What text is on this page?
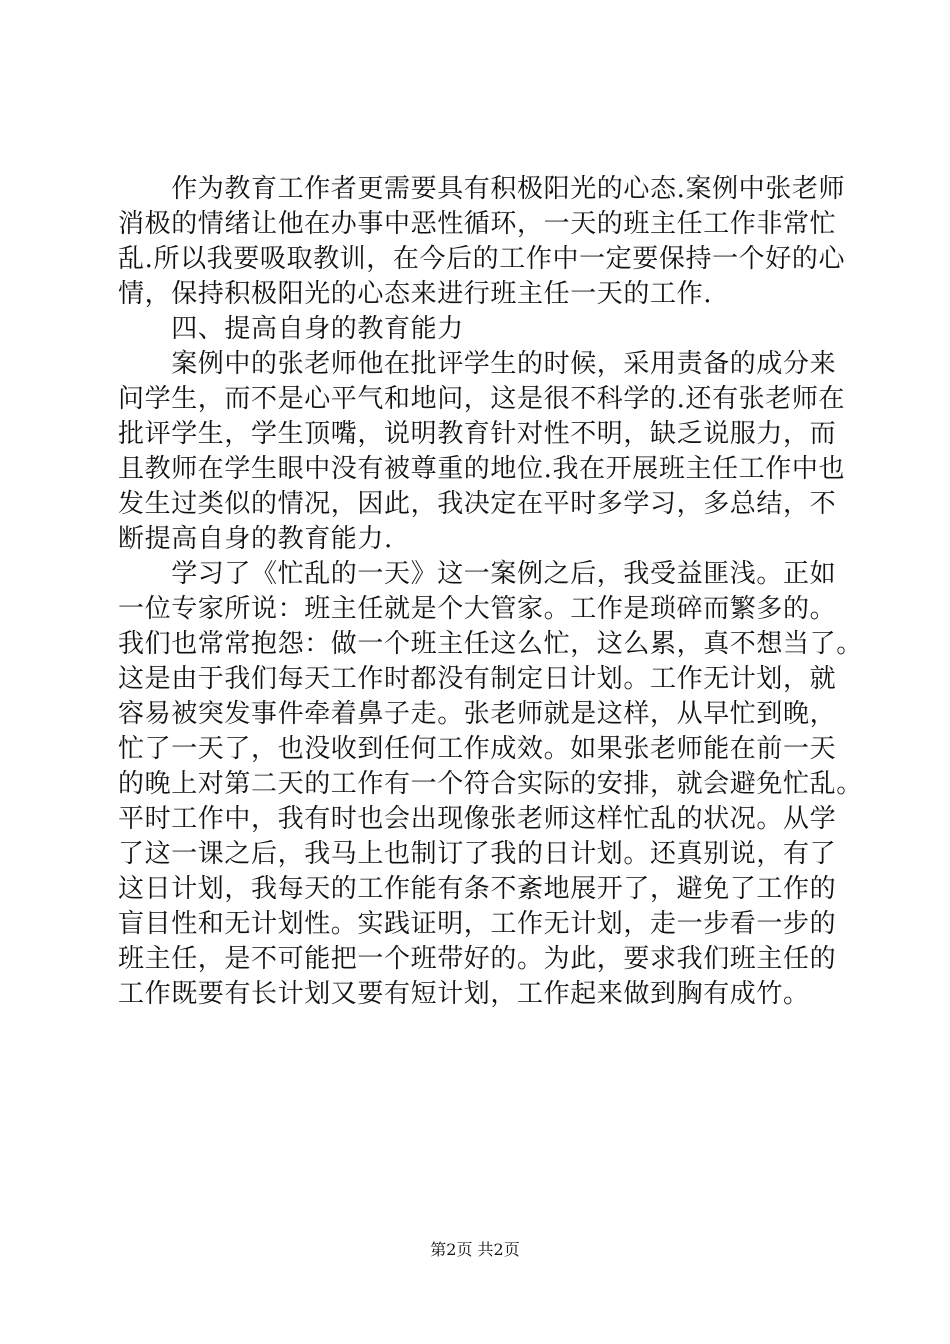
　　作为教育工作者更需要具有积极阳光的心态.案例中张老师
消极的情绪让他在办事中恶性循环，一天的班主任工作非常忙
乱.所以我要吸取教训，在今后的工作中一定要保持一个好的心
情，保持积极阳光的心态来进行班主任一天的工作.
　　四、提高自身的教育能力
　　案例中的张老师他在批评学生的时候，采用责备的成分来
问学生，而不是心平气和地问，这是很不科学的.还有张老师在
批评学生，学生顶嘴，说明教育针对性不明，缺乏说服力，而
且教师在学生眼中没有被尊重的地位.我在开展班主任工作中也
发生过类似的情况，因此，我决定在平时多学习，多总结，不
断提高自身的教育能力.
　　学习了《忙乱的一天》这一案例之后，我受益匪浅。正如
一位专家所说：班主任就是个大管家。工作是琐碎而繁多的。
我们也常常抱怨：做一个班主任这么忙，这么累，真不想当了。
这是由于我们每天工作时都没有制定日计划。工作无计划，就
容易被突发事件牵着鼻子走。张老师就是这样，从早忙到晚，
忙了一天了，也没收到任何工作成效。如果张老师能在前一天
的晚上对第二天的工作有一个符合实际的安排，就会避免忙乱。
平时工作中，我有时也会出现像张老师这样忙乱的状况。从学
了这一课之后，我马上也制订了我的日计划。还真别说，有了
这日计划，我每天的工作能有条不紊地展开了，避免了工作的
盲目性和无计划性。实践证明，工作无计划，走一步看一步的
班主任，是不可能把一个班带好的。为此，要求我们班主任的
工作既要有长计划又要有短计划，工作起来做到胸有成竹。
第2页 共2页
